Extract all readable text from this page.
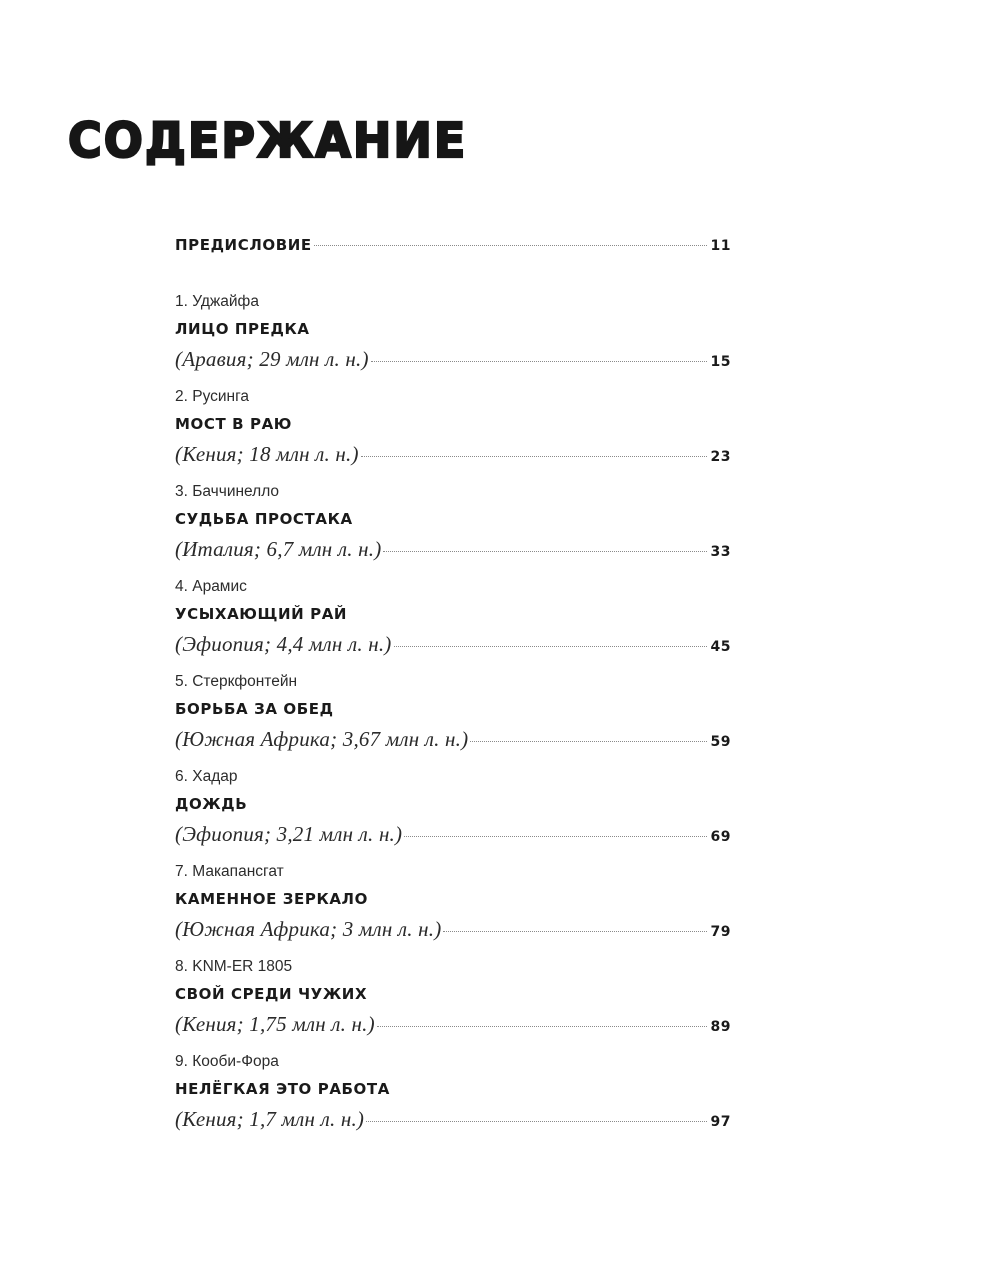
СОДЕРЖАНИЕ
ПРЕДИСЛОВИЕ	11
1. Уджайфа
ЛИЦО ПРЕДКА
(Аравия; 29 млн л. н.)	15
2. Русинга
МОСТ В РАЮ
(Кения; 18 млн л. н.)	23
3. Баччинелло
СУДЬБА ПРОСТАКА
(Италия; 6,7 млн л. н.)	33
4. Арамис
УСЫХАЮЩИЙ РАЙ
(Эфиопия; 4,4 млн л. н.)	45
5. Стеркфонтейн
БОРЬБА ЗА ОБЕД
(Южная Африка; 3,67 млн л. н.)	59
6. Хадар
ДОЖДЬ
(Эфиопия; 3,21 млн л. н.)	69
7. Макапансгат
КАМЕННОЕ ЗЕРКАЛО
(Южная Африка; 3 млн л. н.)	79
8. KNM-ER 1805
СВОЙ СРЕДИ ЧУЖИХ
(Кения; 1,75 млн л. н.)	89
9. Кооби-Фора
НЕЛЁГКАЯ ЭТО РАБОТА
(Кения; 1,7 млн л. н.)	97
